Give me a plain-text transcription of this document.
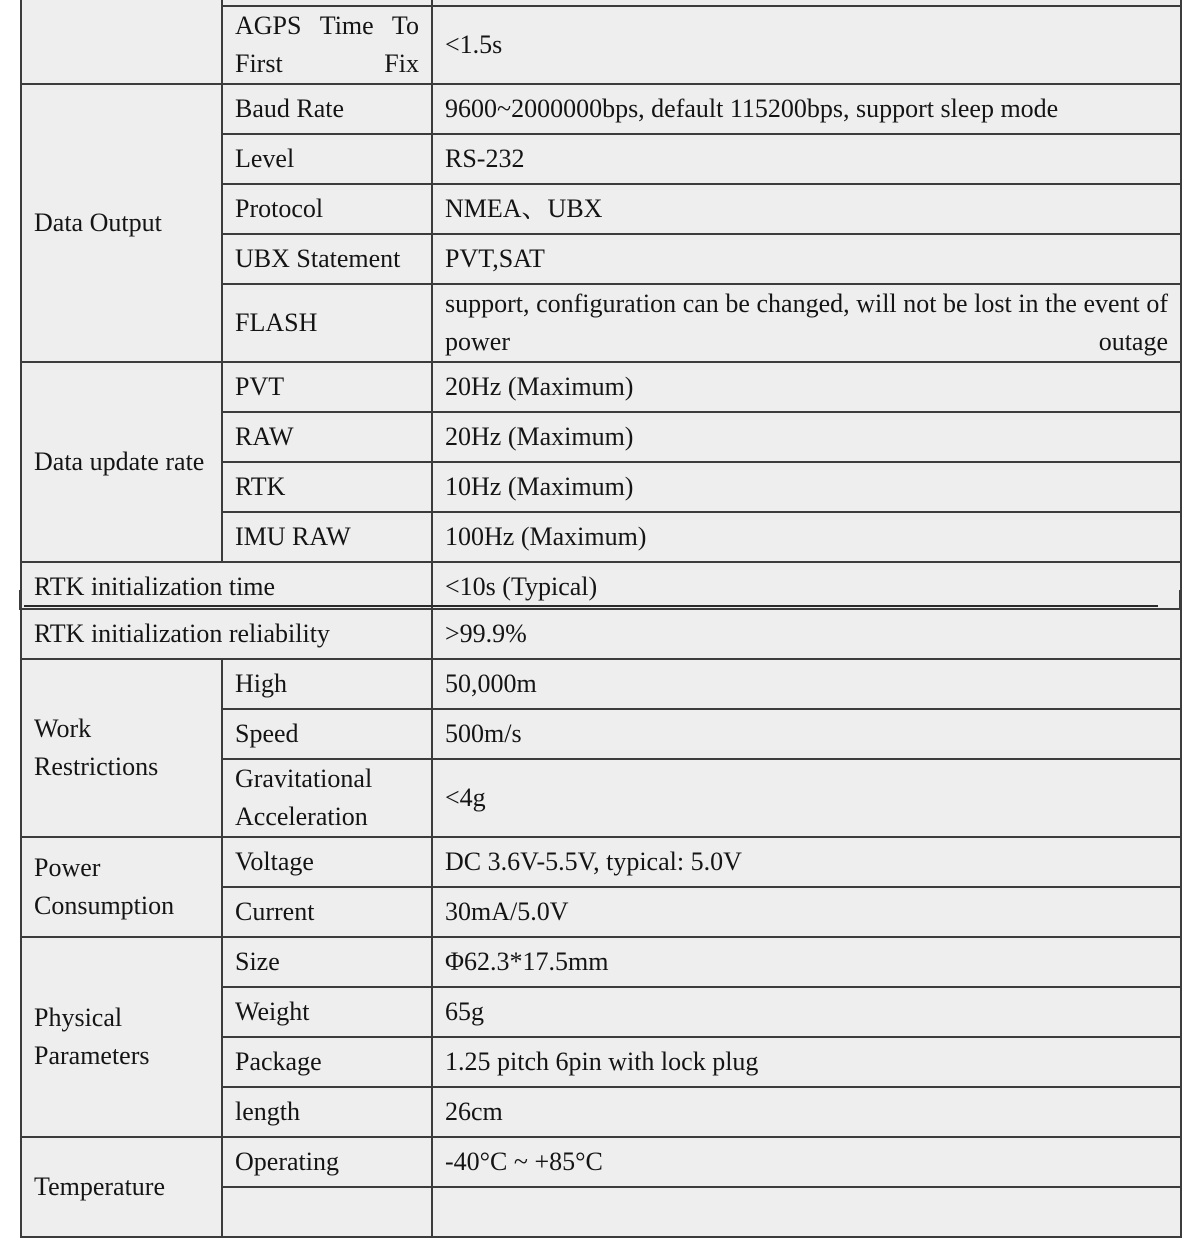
	AGPS Time To First Fix	<1.5s
Data Output	Baud Rate	9600~2000000bps, default 115200bps, support sleep mode
	Level	RS-232
	Protocol	NMEA、UBX
	UBX Statement	PVT,SAT
	FLASH	support, configuration can be changed, will not be lost in the event of power outage
Data update rate	PVT	20Hz (Maximum)
	RAW	20Hz (Maximum)
	RTK	10Hz (Maximum)
	IMU RAW	100Hz (Maximum)
RTK initialization time		<10s (Typical)
RTK initialization reliability		>99.9%
Work Restrictions	High	50,000m
	Speed	500m/s
	Gravitational Acceleration	<4g
Power Consumption	Voltage	DC 3.6V-5.5V, typical: 5.0V
	Current	30mA/5.0V
Physical Parameters	Size	Φ62.3*17.5mm
	Weight	65g
	Package	1.25 pitch 6pin with lock plug
	length	26cm
Temperature	Operating	-40°C ~ +85°C
